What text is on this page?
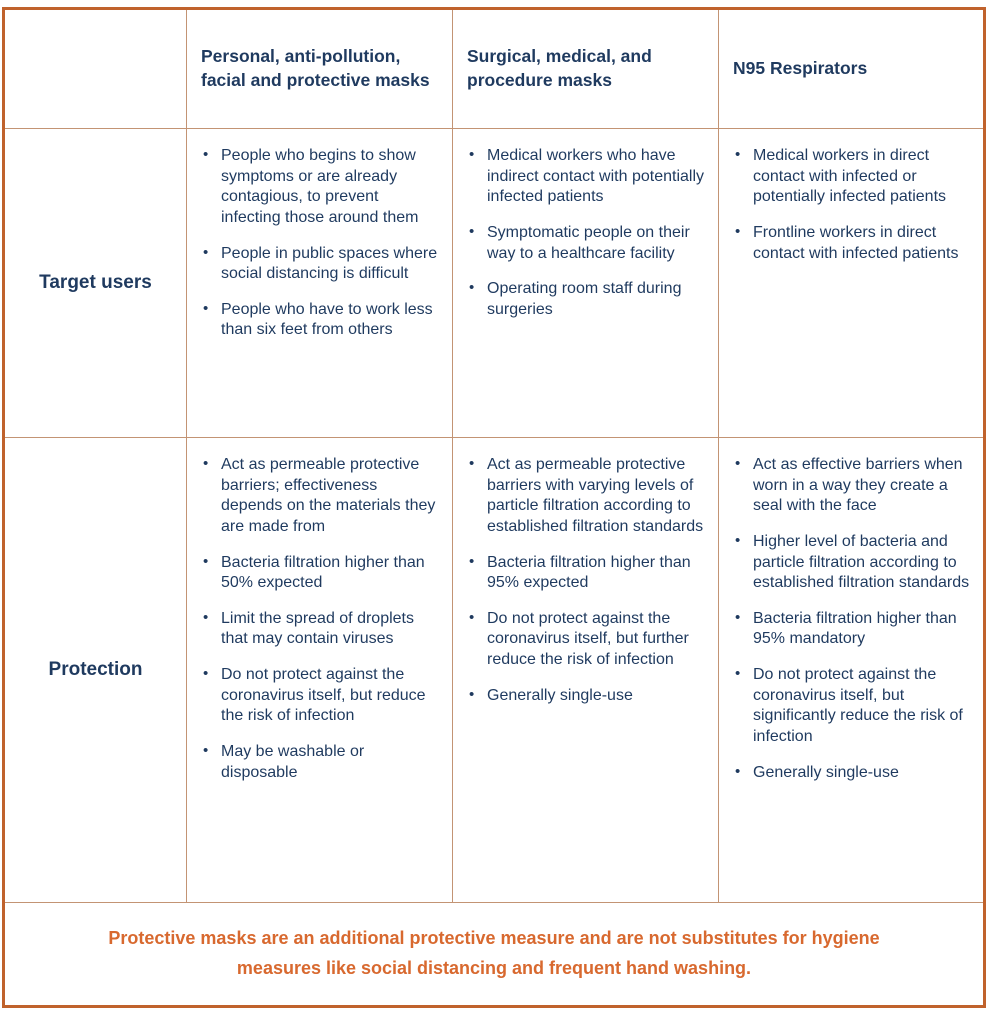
Personal, anti-pollution, facial and protective masks
Surgical, medical, and procedure masks
N95 Respirators
Target users
• People who begins to show symptoms or are already contagious, to prevent infecting those around them
• People in public spaces where social distancing is difficult
• People who have to work less than six feet from others
• Medical workers who have indirect contact with potentially infected patients
• Symptomatic people on their way to a healthcare facility
• Operating room staff during surgeries
• Medical workers in direct contact with infected or potentially infected patients
• Frontline workers in direct contact with infected patients
Protection
• Act as permeable protective barriers; effectiveness depends on the materials they are made from
• Bacteria filtration higher than 50% expected
• Limit the spread of droplets that may contain viruses
• Do not protect against the coronavirus itself, but reduce the risk of infection
• May be washable or disposable
• Act as permeable protective barriers with varying levels of particle filtration according to established filtration standards
• Bacteria filtration higher than 95% expected
• Do not protect against the coronavirus itself, but further reduce the risk of infection
• Generally single-use
• Act as effective barriers when worn in a way they create a seal with the face
• Higher level of bacteria and particle filtration according to established filtration standards
• Bacteria filtration higher than 95% mandatory
• Do not protect against the coronavirus itself, but significantly reduce the risk of infection
• Generally single-use
Protective masks are an additional protective measure and are not substitutes for hygiene measures like social distancing and frequent hand washing.
